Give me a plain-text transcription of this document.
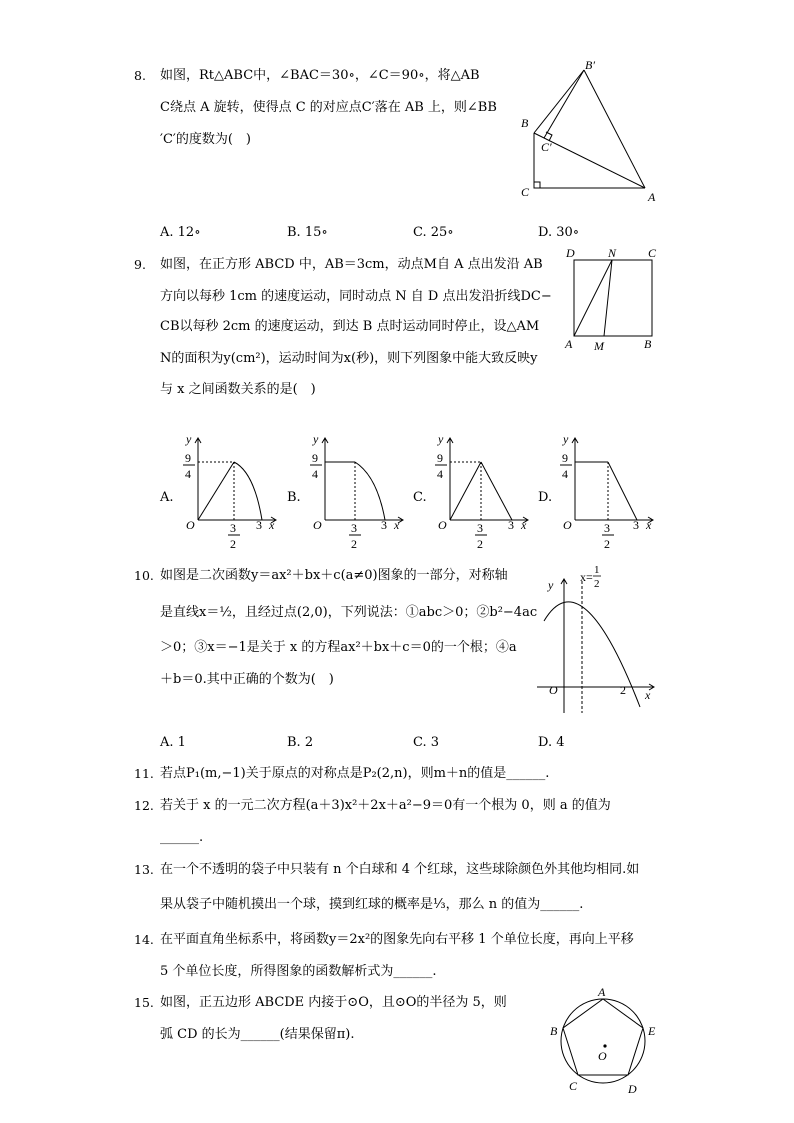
8. 如图，Rt△ABC中，∠BAC＝30∘，∠C＝90∘，将△AB
C绕点 A 旋转，使得点 C 的对应点C′落在 AB 上，则∠BB
′C′的度数为(　)
B′
B
C′
C	A
A. 12∘	B. 15∘	C. 25∘	D. 30∘
9. 如图，在正方形 ABCD 中，AB＝3cm，动点M自 A 点出发沿 AB
方向以每秒 1cm 的速度运动，同时动点 N 自 D 点出发沿折线DC−
CB以每秒 2cm 的速度运动，到达 B 点时运动同时停止，设△AM
N的面积为y(cm²)，运动时间为x(秒)，则下列图象中能大致反映y
与 x 之间函数关系的是(　)
D	N	C
A M	B
A.	B.	C.	D.
y
9
4
O	3
2
3 x
y
9
4
O 3
2
3 x
y
9
4
O	3
2
3 x
y
9
4
O	3
2
3 x
10. 如图是二次函数y＝ax²＋bx＋c(a≠0)图象的一部分，对称轴
是直线x＝½，且经过点(2,0)，下列说法：①abc＞0；②b²−4ac
＞0；③x＝−1是关于 x 的方程ax²＋bx＋c＝0的一个根；④a
＋b＝0.其中正确的个数为(　)
x= 1
2
y
O	2 x
A. 1	B. 2	C. 3	D. 4
11. 若点P₁(m,−1)关于原点的对称点是P₂(2,n)，则m＋n的值是______.
12. 若关于 x 的一元二次方程(a＋3)x²＋2x＋a²−9＝0有一个根为 0，则 a 的值为
______.
13. 在一个不透明的袋子中只装有 n 个白球和 4 个红球，这些球除颜色外其他均相同.如
果从袋子中随机摸出一个球，摸到红球的概率是⅓，那么 n 的值为______.
14. 在平面直角坐标系中，将函数y＝2x²的图象先向右平移 1 个单位长度，再向上平移
5 个单位长度，所得图象的函数解析式为______.
15. 如图，正五边形 ABCDE 内接于⊙O，且⊙O的半径为 5，则
弧 CD 的长为______(结果保留π).
A
B	E
O
C	D
